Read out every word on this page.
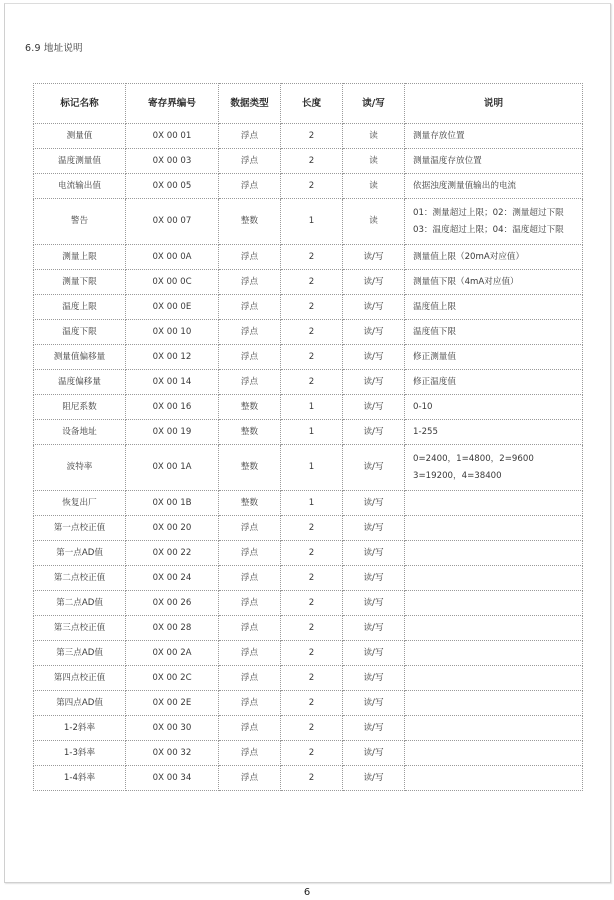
6.9 地址说明
标记名称	寄存界编号	数据类型	长度	读/写	说明
测量值	0X 00 01	浮点	2	读	测量存放位置

温度测量值	0X 00 03	浮点	2	读	测量温度存放位置

电流输出值	0X 00 05	浮点	2	读	依据浊度测量值输出的电流

警告	0X 00 07	整数	1	读	01：测量超过上限；02：测量超过下限
03：温度超过上限；04：温度超过下限

测量上限	0X 00 0A	浮点	2	读/写	测量值上限（20mA对应值）

测量下限	0X 00 0C	浮点	2	读/写	测量值下限（4mA对应值）

温度上限	0X 00 0E	浮点	2	读/写	温度值上限

温度下限	0X 00 10	浮点	2	读/写	温度值下限

测量值偏移量	0X 00 12	浮点	2	读/写	修正测量值

温度偏移量	0X 00 14	浮点	2	读/写	修正温度值

阻尼系数	0X 00 16	整数	1	读/写	0-10

设备地址	0X 00 19	整数	1	读/写	1-255

波特率	0X 00 1A	整数	1	读/写	0=2400，1=4800，2=9600
3=19200，4=38400

恢复出厂	0X 00 1B	整数	1	读/写	

第一点校正值	0X 00 20	浮点	2	读/写	

第一点AD值	0X 00 22	浮点	2	读/写	

第二点校正值	0X 00 24	浮点	2	读/写	

第二点AD值	0X 00 26	浮点	2	读/写	

第三点校正值	0X 00 28	浮点	2	读/写	

第三点AD值	0X 00 2A	浮点	2	读/写	

第四点校正值	0X 00 2C	浮点	2	读/写	

第四点AD值	0X 00 2E	浮点	2	读/写	

1-2斜率	0X 00 30	浮点	2	读/写	

1-3斜率	0X 00 32	浮点	2	读/写	

1-4斜率	0X 00 34	浮点	2	读/写	
6
